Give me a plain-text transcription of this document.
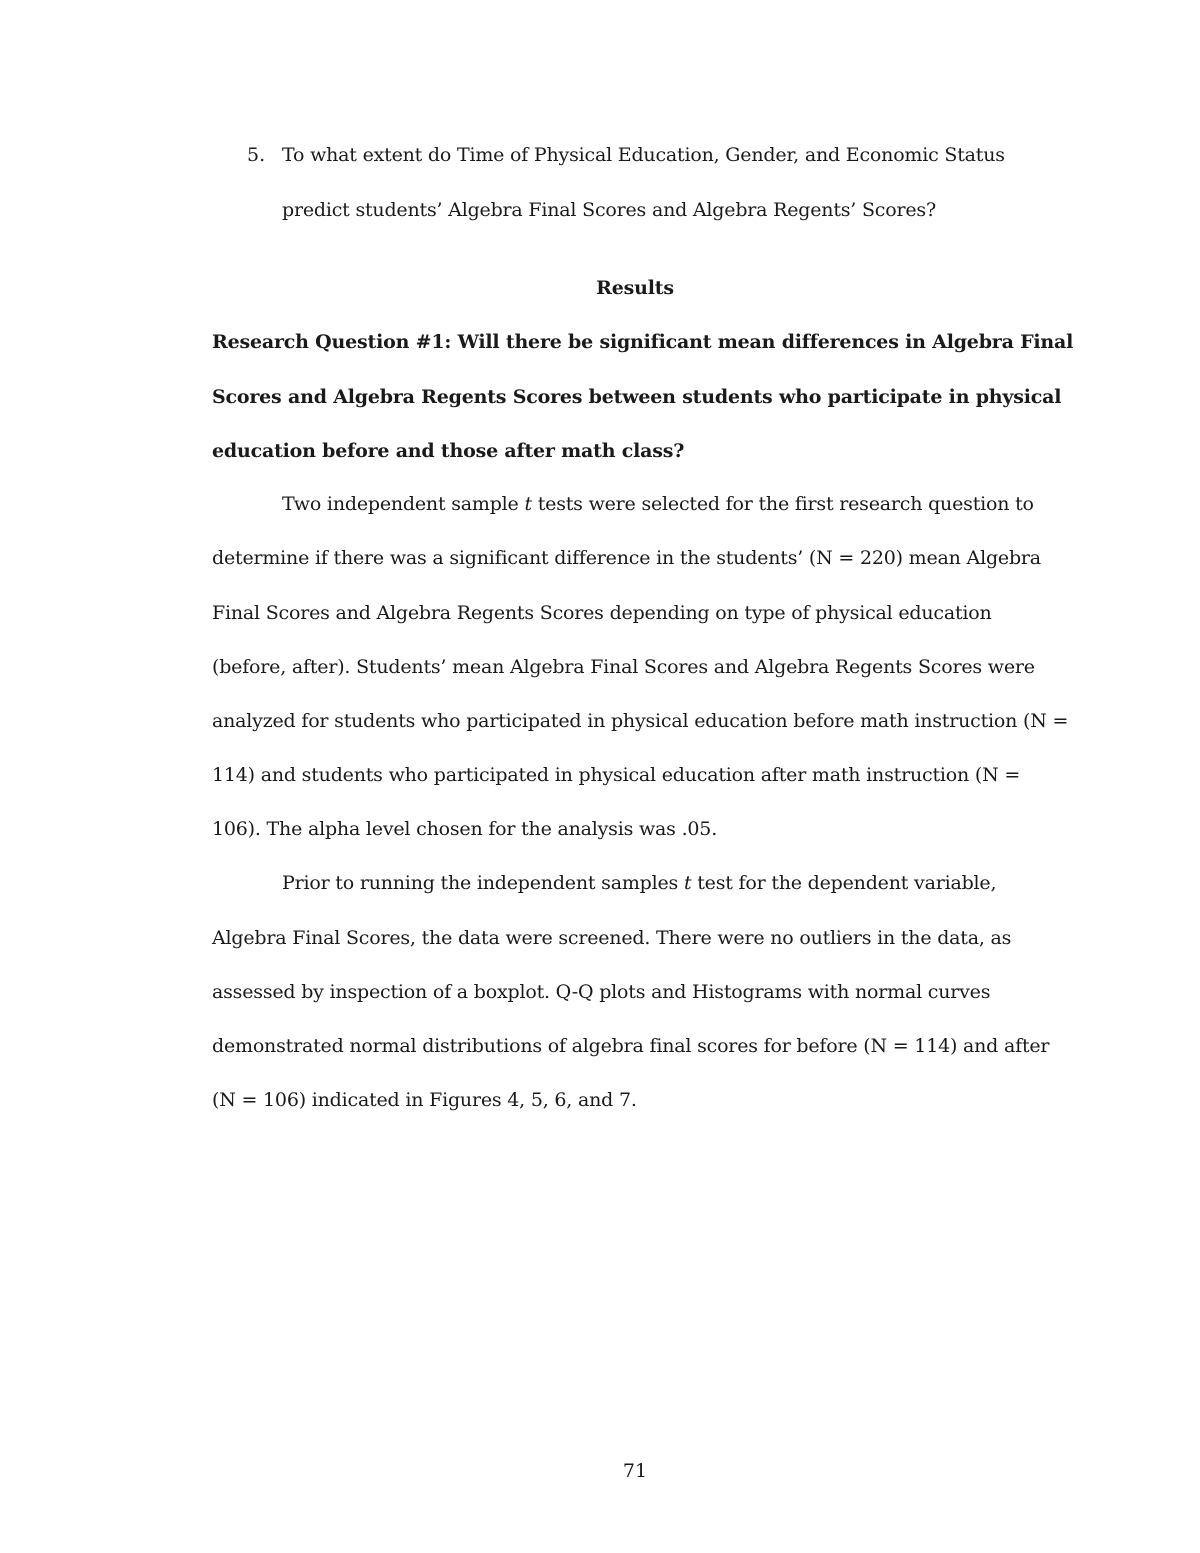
5. To what extent do Time of Physical Education, Gender, and Economic Status
predict students’ Algebra Final Scores and Algebra Regents’ Scores?
Results
Research Question #1: Will there be significant mean differences in Algebra Final
Scores and Algebra Regents Scores between students who participate in physical
education before and those after math class?
Two independent sample t tests were selected for the first research question to
determine if there was a significant difference in the students’ (N = 220) mean Algebra
Final Scores and Algebra Regents Scores depending on type of physical education
(before, after). Students’ mean Algebra Final Scores and Algebra Regents Scores were
analyzed for students who participated in physical education before math instruction (N =
114) and students who participated in physical education after math instruction (N =
106). The alpha level chosen for the analysis was .05.
Prior to running the independent samples t test for the dependent variable,
Algebra Final Scores, the data were screened. There were no outliers in the data, as
assessed by inspection of a boxplot. Q-Q plots and Histograms with normal curves
demonstrated normal distributions of algebra final scores for before (N = 114) and after
(N = 106) indicated in Figures 4, 5, 6, and 7.
71
